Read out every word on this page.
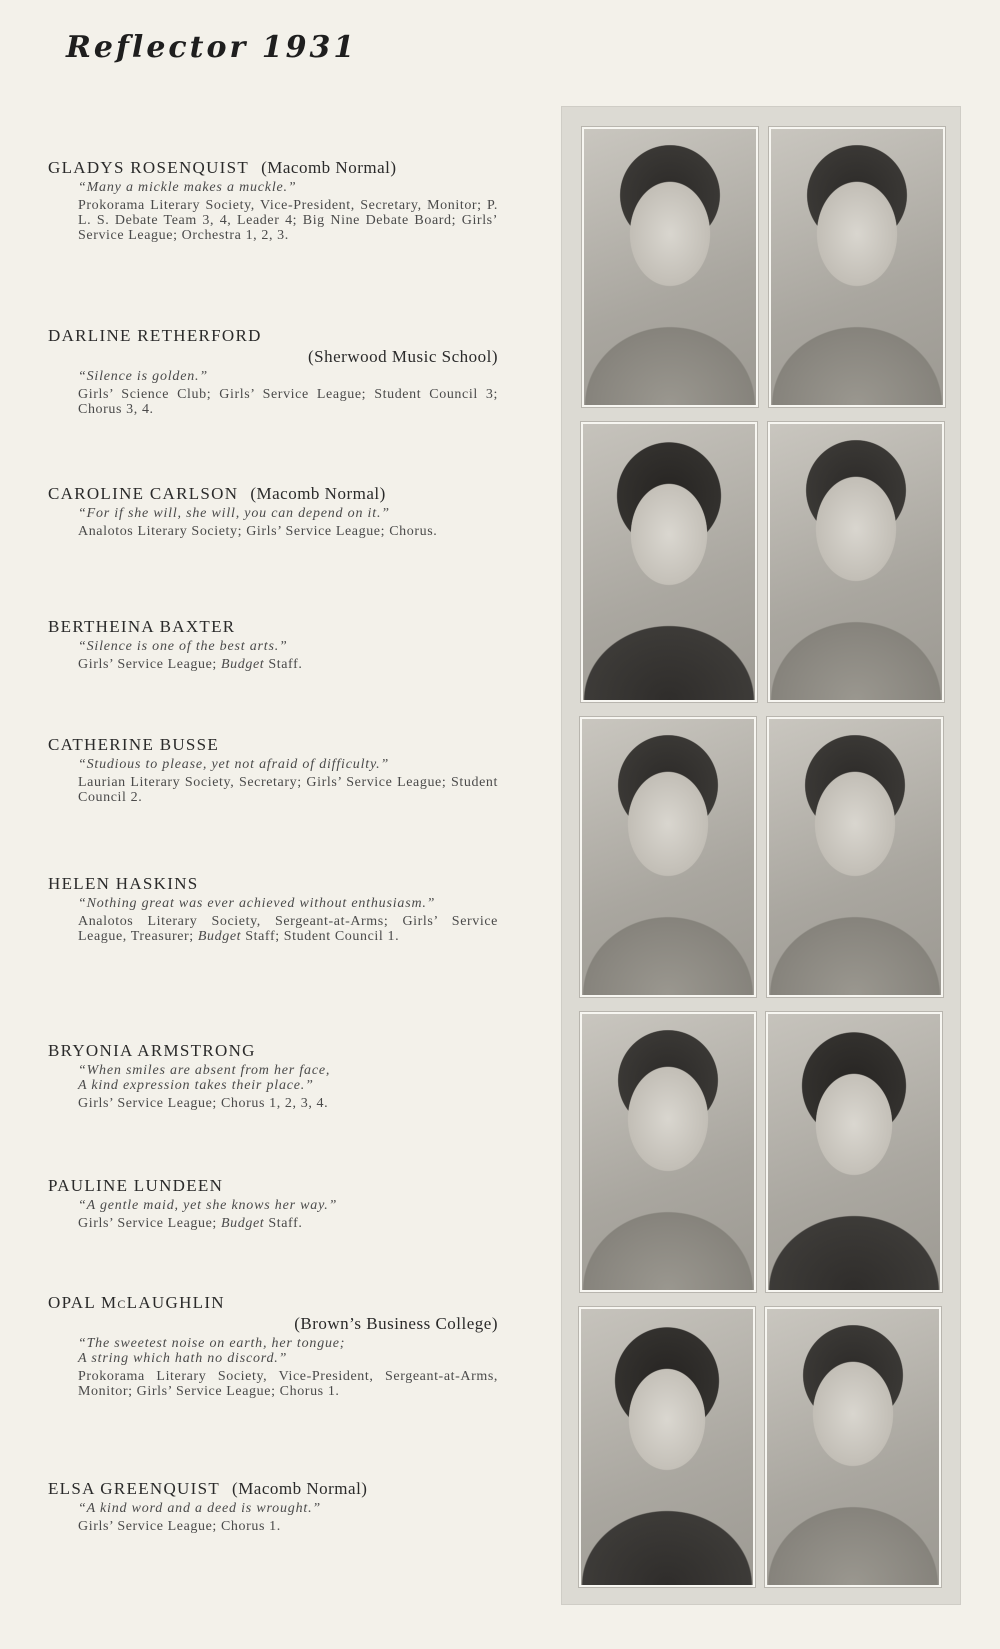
Reflector 1931
GLADYS ROSENQUIST (Macomb Normal)
“Many a mickle makes a muckle.”
Prokorama Literary Society, Vice-President, Secretary, Monitor; P. L. S. Debate Team 3, 4, Leader 4; Big Nine Debate Board; Girls’ Service League; Orchestra 1, 2, 3.
DARLINE RETHERFORD
(Sherwood Music School)
“Silence is golden.”
Girls’ Science Club; Girls’ Service League; Student Council 3; Chorus 3, 4.
CAROLINE CARLSON (Macomb Normal)
“For if she will, she will, you can depend on it.”
Analotos Literary Society; Girls’ Service League; Chorus.
BERTHEINA BAXTER
“Silence is one of the best arts.”
Girls’ Service League; Budget Staff.
CATHERINE BUSSE
“Studious to please, yet not afraid of difficulty.”
Laurian Literary Society, Secretary; Girls’ Service League; Student Council 2.
HELEN HASKINS
“Nothing great was ever achieved without enthusiasm.”
Analotos Literary Society, Sergeant-at-Arms; Girls’ Service League, Treasurer; Budget Staff; Student Council 1.
BRYONIA ARMSTRONG
“When smiles are absent from her face,
A kind expression takes their place.”
Girls’ Service League; Chorus 1, 2, 3, 4.
PAULINE LUNDEEN
“A gentle maid, yet she knows her way.”
Girls’ Service League; Budget Staff.
OPAL McLAUGHLIN
(Brown’s Business College)
“The sweetest noise on earth, her tongue;
A string which hath no discord.”
Prokorama Literary Society, Vice-President, Sergeant-at-Arms, Monitor; Girls’ Service League; Chorus 1.
ELSA GREENQUIST (Macomb Normal)
“A kind word and a deed is wrought.”
Girls’ Service League; Chorus 1.
